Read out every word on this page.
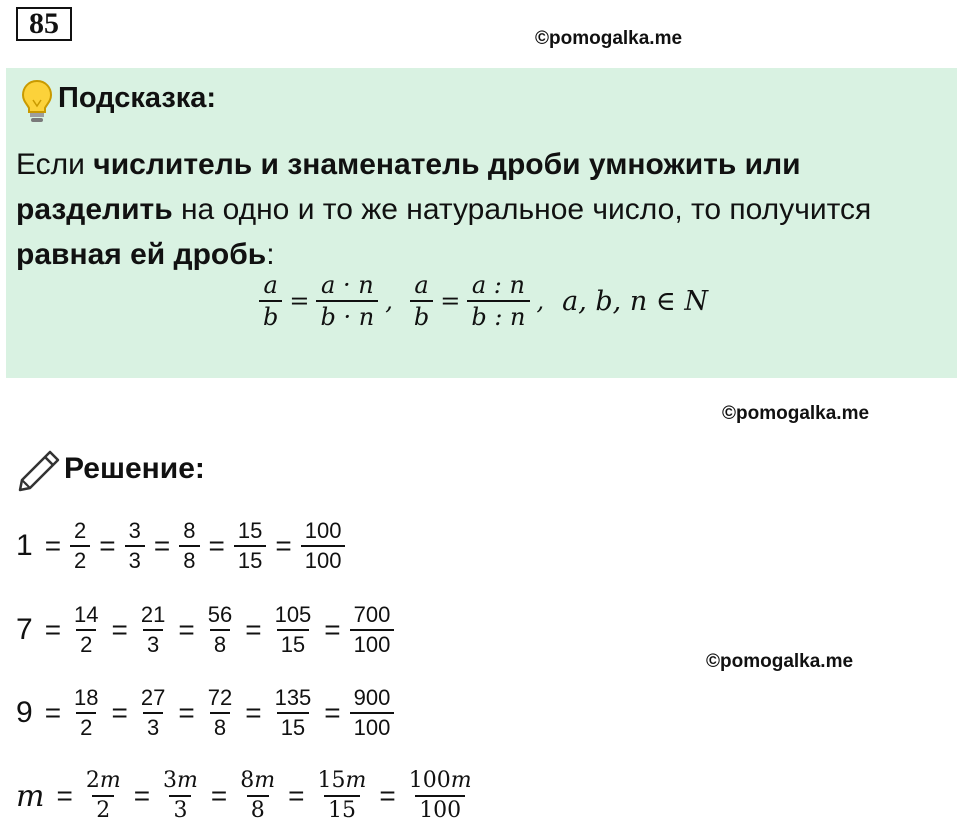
85	©pomogalka.me
Подсказка:
Если числитель и знаменатель дроби умножить или разделить на одно и то же натуральное число, то получится равная ей дробь:
$\frac{a}{b} = \frac{a \cdot n}{b \cdot n}$ , $\frac{a}{b} = \frac{a : n}{b : n}$ , a, b, n ∈ N
©pomogalka.me
Решение:
©pomogalka.me
$1 = \frac{2}{2} = \frac{3}{3} = \frac{8}{8} = \frac{15}{15} = \frac{100}{100}$
$7 = \frac{14}{2} = \frac{21}{3} = \frac{56}{8} = \frac{105}{15} = \frac{700}{100}$
$9 = \frac{18}{2} = \frac{27}{3} = \frac{72}{8} = \frac{135}{15} = \frac{900}{100}$
$m = \frac{2m}{2} = \frac{3m}{3} = \frac{8m}{8} = \frac{15m}{15} = \frac{100m}{100}$
